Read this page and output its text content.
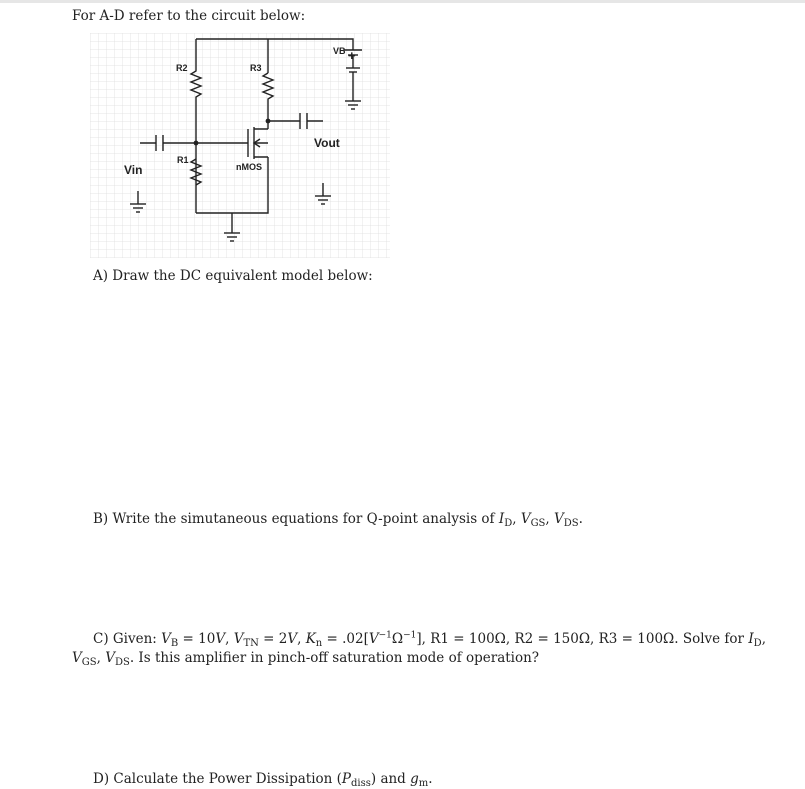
For A-D refer to the circuit below:
VB +
R2	R3
R1
Vout
Vin	nMOS
A) Draw the DC equivalent model below:
B) Write the simutaneous equations for Q-point analysis of $I_D$, $V_{GS}$, $V_{DS}$.
C) Given: $V_B = 10V$, $V_{TN} = 2V$, $K_n = .02[V^{-1}\Omega^{-1}]$, R1 = 100Ω, R2 = 150Ω, R3 = 100Ω. Solve for $I_D$,
$V_{GS}$, $V_{DS}$. Is this amplifier in pinch-off saturation mode of operation?
D) Calculate the Power Dissipation $(P_{diss})$ and $g_m$.
